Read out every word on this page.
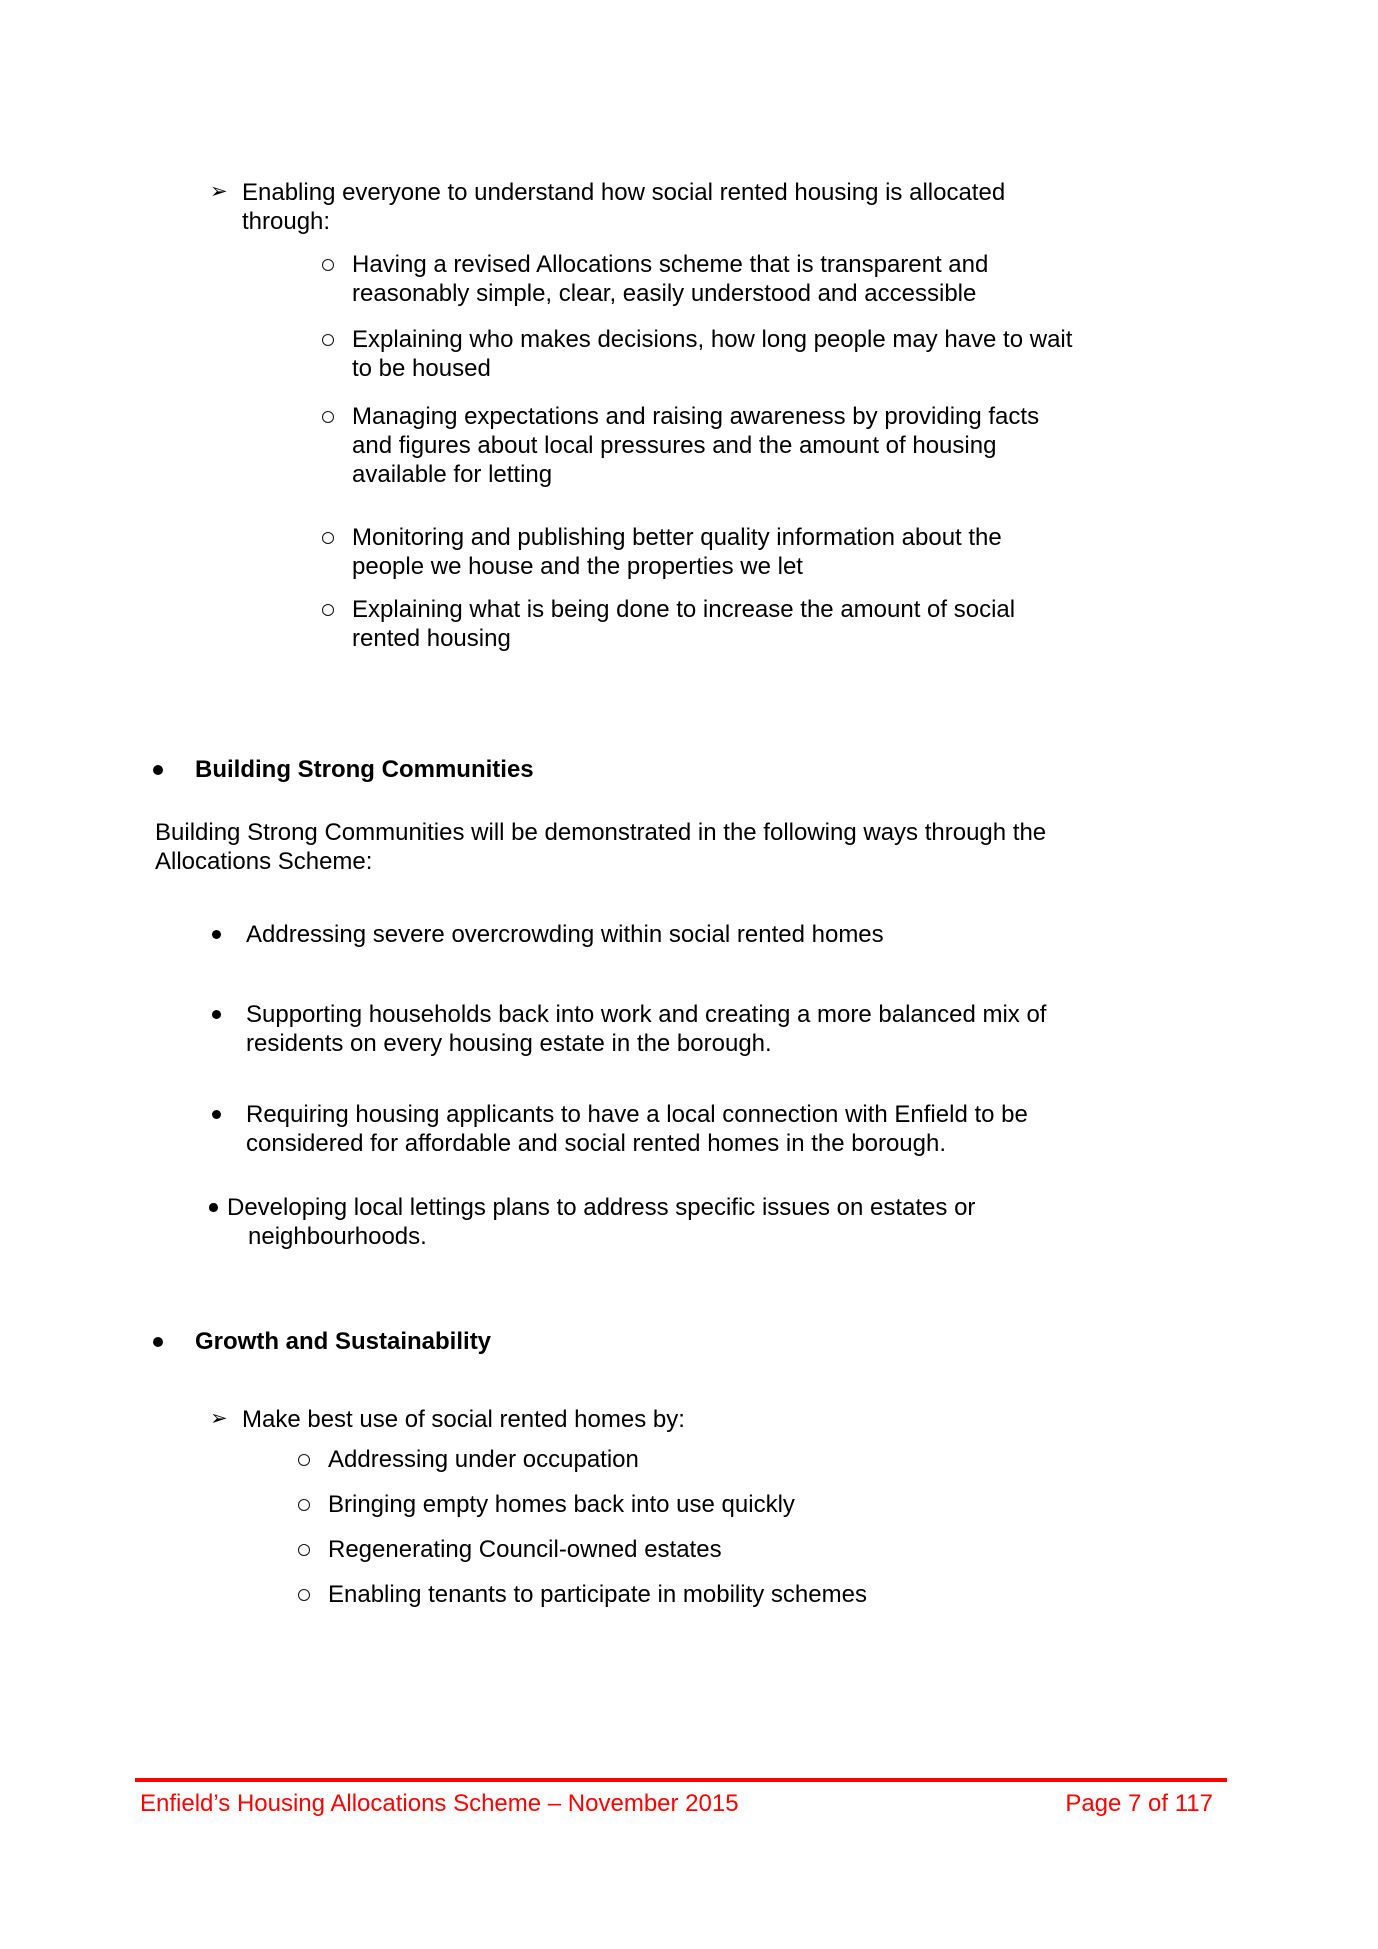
➢ Enabling everyone to understand how social rented housing is allocated
through:
Having a revised Allocations scheme that is transparent and
reasonably simple, clear, easily understood and accessible
Explaining who makes decisions, how long people may have to wait
to be housed
Managing expectations and raising awareness by providing facts
and figures about local pressures and the amount of housing
available for letting
Monitoring and publishing better quality information about the
people we house and the properties we let
Explaining what is being done to increase the amount of social
rented housing
Building Strong Communities
Building Strong Communities will be demonstrated in the following ways through the
Allocations Scheme:
Addressing severe overcrowding within social rented homes
Supporting households back into work and creating a more balanced mix of
residents on every housing estate in the borough.
Requiring housing applicants to have a local connection with Enfield to be
considered for affordable and social rented homes in the borough.
Developing local lettings plans to address specific issues on estates or
neighbourhoods.
Growth and Sustainability
➢ Make best use of social rented homes by:
Addressing under occupation
Bringing empty homes back into use quickly
Regenerating Council-owned estates
Enabling tenants to participate in mobility schemes
Enfield’s Housing Allocations Scheme – November 2015	Page 7 of 117
